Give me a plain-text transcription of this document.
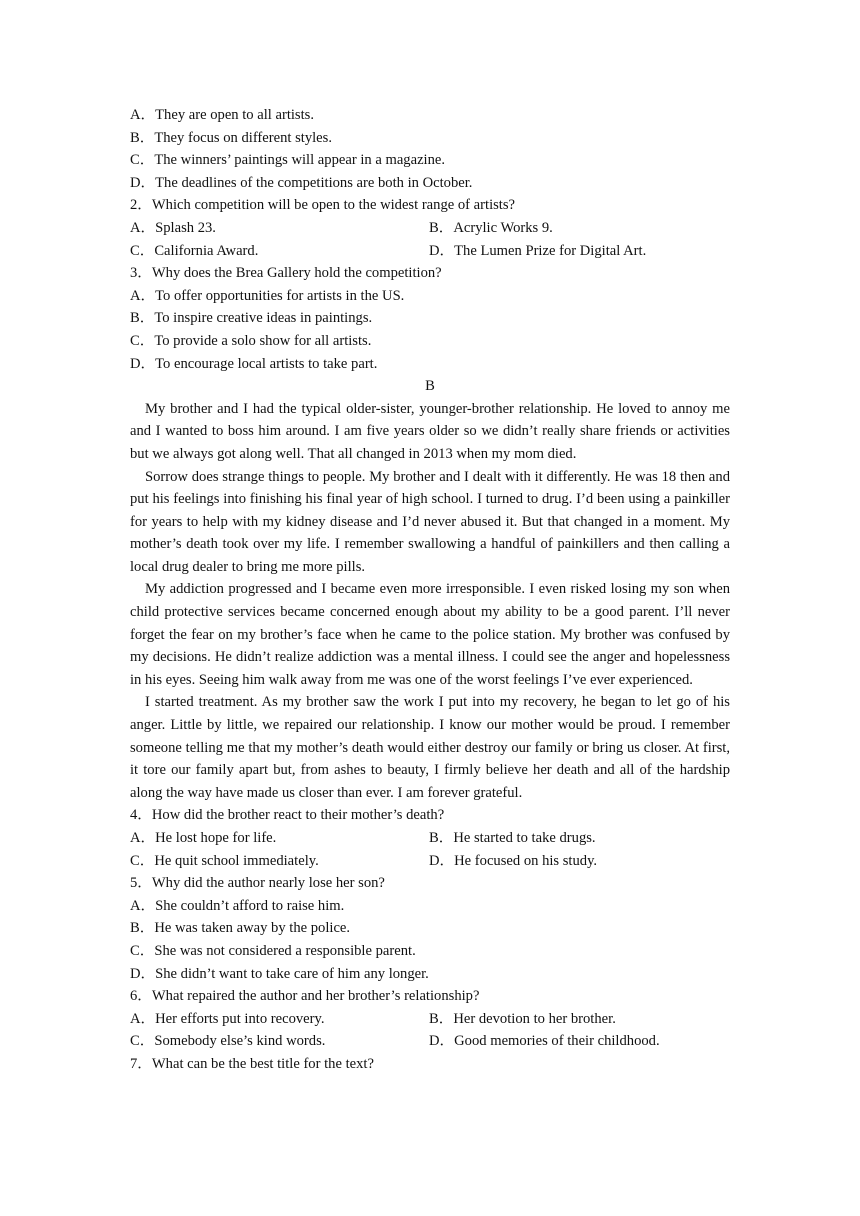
A．They are open to all artists.
B．They focus on different styles.
C．The winners’ paintings will appear in a magazine.
D．The deadlines of the competitions are both in October.
2．Which competition will be open to the widest range of artists?
A．Splash 23.	B．Acrylic Works 9.
C．California Award.	D．The Lumen Prize for Digital Art.
3．Why does the Brea Gallery hold the competition?
A．To offer opportunities for artists in the US.
B．To inspire creative ideas in paintings.
C．To provide a solo show for all artists.
D．To encourage local artists to take part.
B

My brother and I had the typical older-sister, younger-brother relationship. He loved to annoy me and I wanted to boss him around. I am five years older so we didn’t really share friends or activities but we always got along well. That all changed in 2013 when my mom died.

Sorrow does strange things to people. My brother and I dealt with it differently. He was 18 then and put his feelings into finishing his final year of high school. I turned to drug. I’d been using a painkiller for years to help with my kidney disease and I’d never abused it. But that changed in a moment. My mother’s death took over my life. I remember swallowing a handful of painkillers and then calling a local drug dealer to bring me more pills.

My addiction progressed and I became even more irresponsible. I even risked losing my son when child protective services became concerned enough about my ability to be a good parent. I’ll never forget the fear on my brother’s face when he came to the police station. My brother was confused by my decisions. He didn’t realize addiction was a mental illness. I could see the anger and hopelessness in his eyes. Seeing him walk away from me was one of the worst feelings I’ve ever experienced.

I started treatment. As my brother saw the work I put into my recovery, he began to let go of his anger. Little by little, we repaired our relationship. I know our mother would be proud. I remember someone telling me that my mother’s death would either destroy our family or bring us closer. At first, it tore our family apart but, from ashes to beauty, I firmly believe her death and all of the hardship along the way have made us closer than ever. I am forever grateful.

4．How did the brother react to their mother’s death?
A．He lost hope for life.	B．He started to take drugs.
C．He quit school immediately.	D．He focused on his study.
5．Why did the author nearly lose her son?
A．She couldn’t afford to raise him.
B．He was taken away by the police.
C．She was not considered a responsible parent.
D．She didn’t want to take care of him any longer.
6．What repaired the author and her brother’s relationship?
A．Her efforts put into recovery.	B．Her devotion to her brother.
C．Somebody else’s kind words.	D．Good memories of their childhood.
7．What can be the best title for the text?
